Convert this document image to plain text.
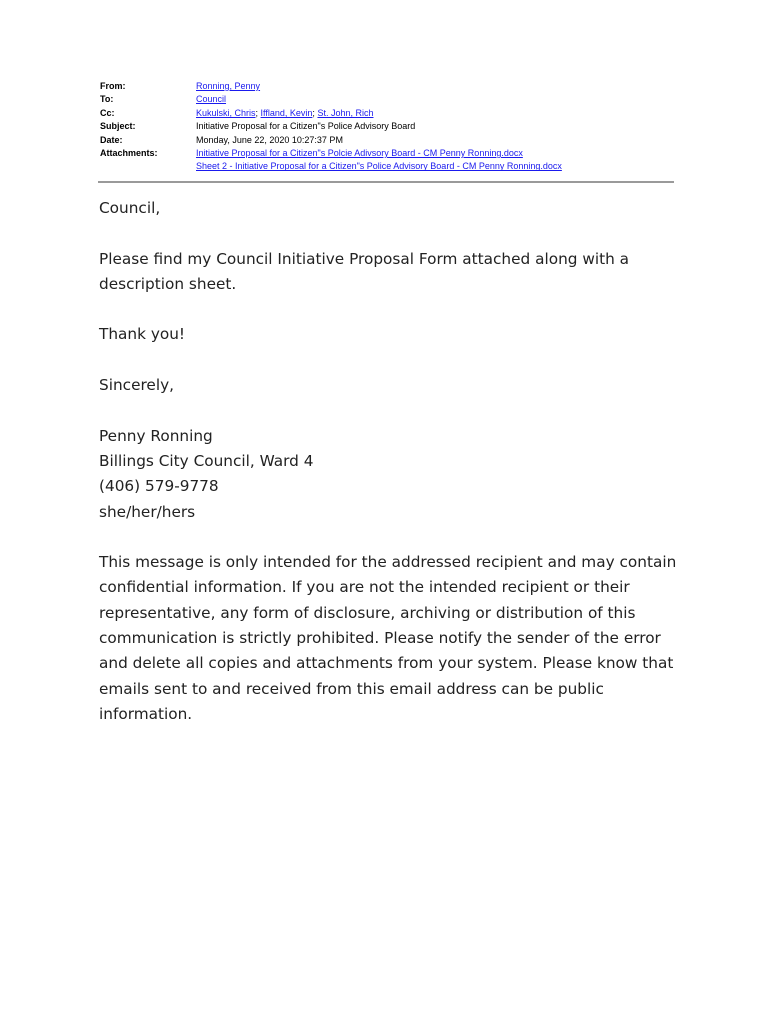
From:	Ronning, Penny
To:	Council
Cc:	Kukulski, Chris; Iffland, Kevin; St. John, Rich
Subject:	Initiative Proposal for a Citizen"s Police Advisory Board
Date:	Monday, June 22, 2020 10:27:37 PM
Attachments:	Initiative Proposal for a Citizen"s Polcie Adivsory Board - CM Penny Ronning.docx
Sheet 2 - Initiative Proposal for a Citizen"s Police Advisory Board - CM Penny Ronning.docx

Council,

Please find my Council Initiative Proposal Form attached along with a description sheet.

Thank you!

Sincerely,

Penny Ronning

Billings City Council, Ward 4

(406) 579-9778

she/her/hers

This message is only intended for the addressed recipient and may contain confidential information. If you are not the intended recipient or their representative, any form of disclosure, archiving or distribution of this communication is strictly prohibited. Please notify the sender of the error and delete all copies and attachments from your system. Please know that emails sent to and received from this email address can be public information.
